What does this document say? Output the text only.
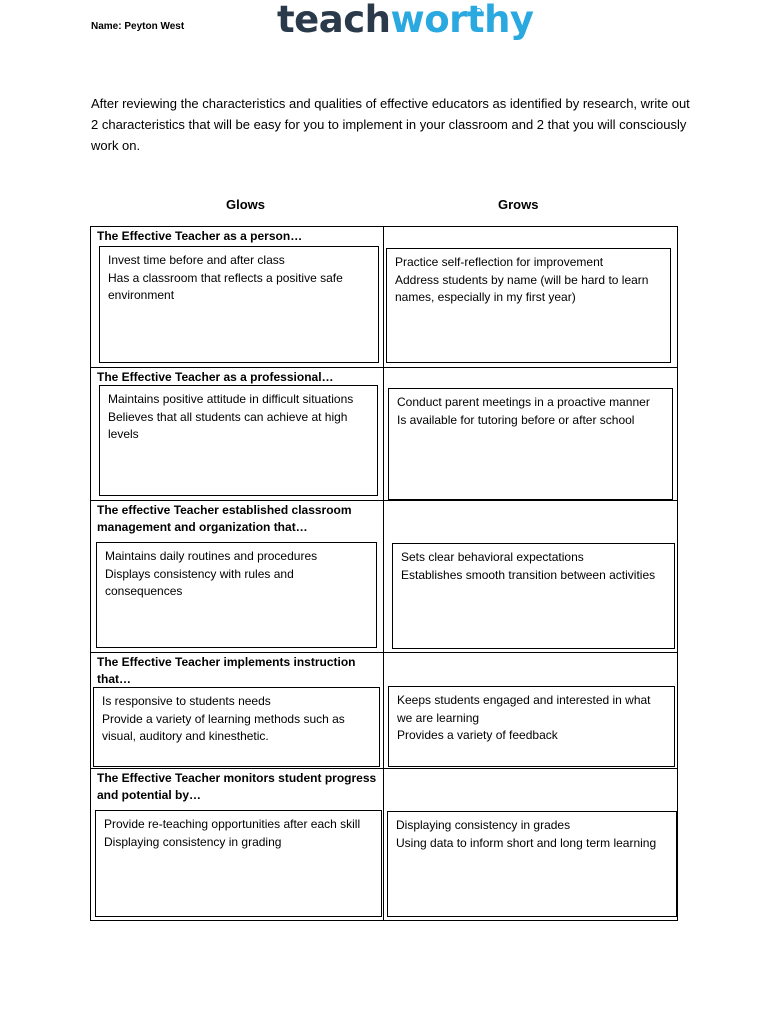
Name: Peyton West	teachworthy
After reviewing the characteristics and qualities of effective educators as identified by research, write out 2 characteristics that will be easy for you to implement in your classroom and 2 that you will consciously work on.
Glows	Grows
The Effective Teacher as a person…
Invest time before and after class
Has a classroom that reflects a positive safe environment
Practice self-reflection for improvement
Address students by name (will be hard to learn names, especially in my first year)
The Effective Teacher as a professional…
Maintains positive attitude in difficult situations
Believes that all students can achieve at high levels
Conduct parent meetings in a proactive manner
Is available for tutoring before or after school
The effective Teacher established classroom management and organization that…
Maintains daily routines and procedures
Displays consistency with rules and consequences
Sets clear behavioral expectations
Establishes smooth transition between activities
The Effective Teacher implements instruction that…
Is responsive to students needs
Provide a variety of learning methods such as visual, auditory and kinesthetic.
Keeps students engaged and interested in what we are learning
Provides a variety of feedback
The Effective Teacher monitors student progress and potential by…
Provide re-teaching opportunities after each skill
Displaying consistency in grading
Displaying consistency in grades
Using data to inform short and long term learning
